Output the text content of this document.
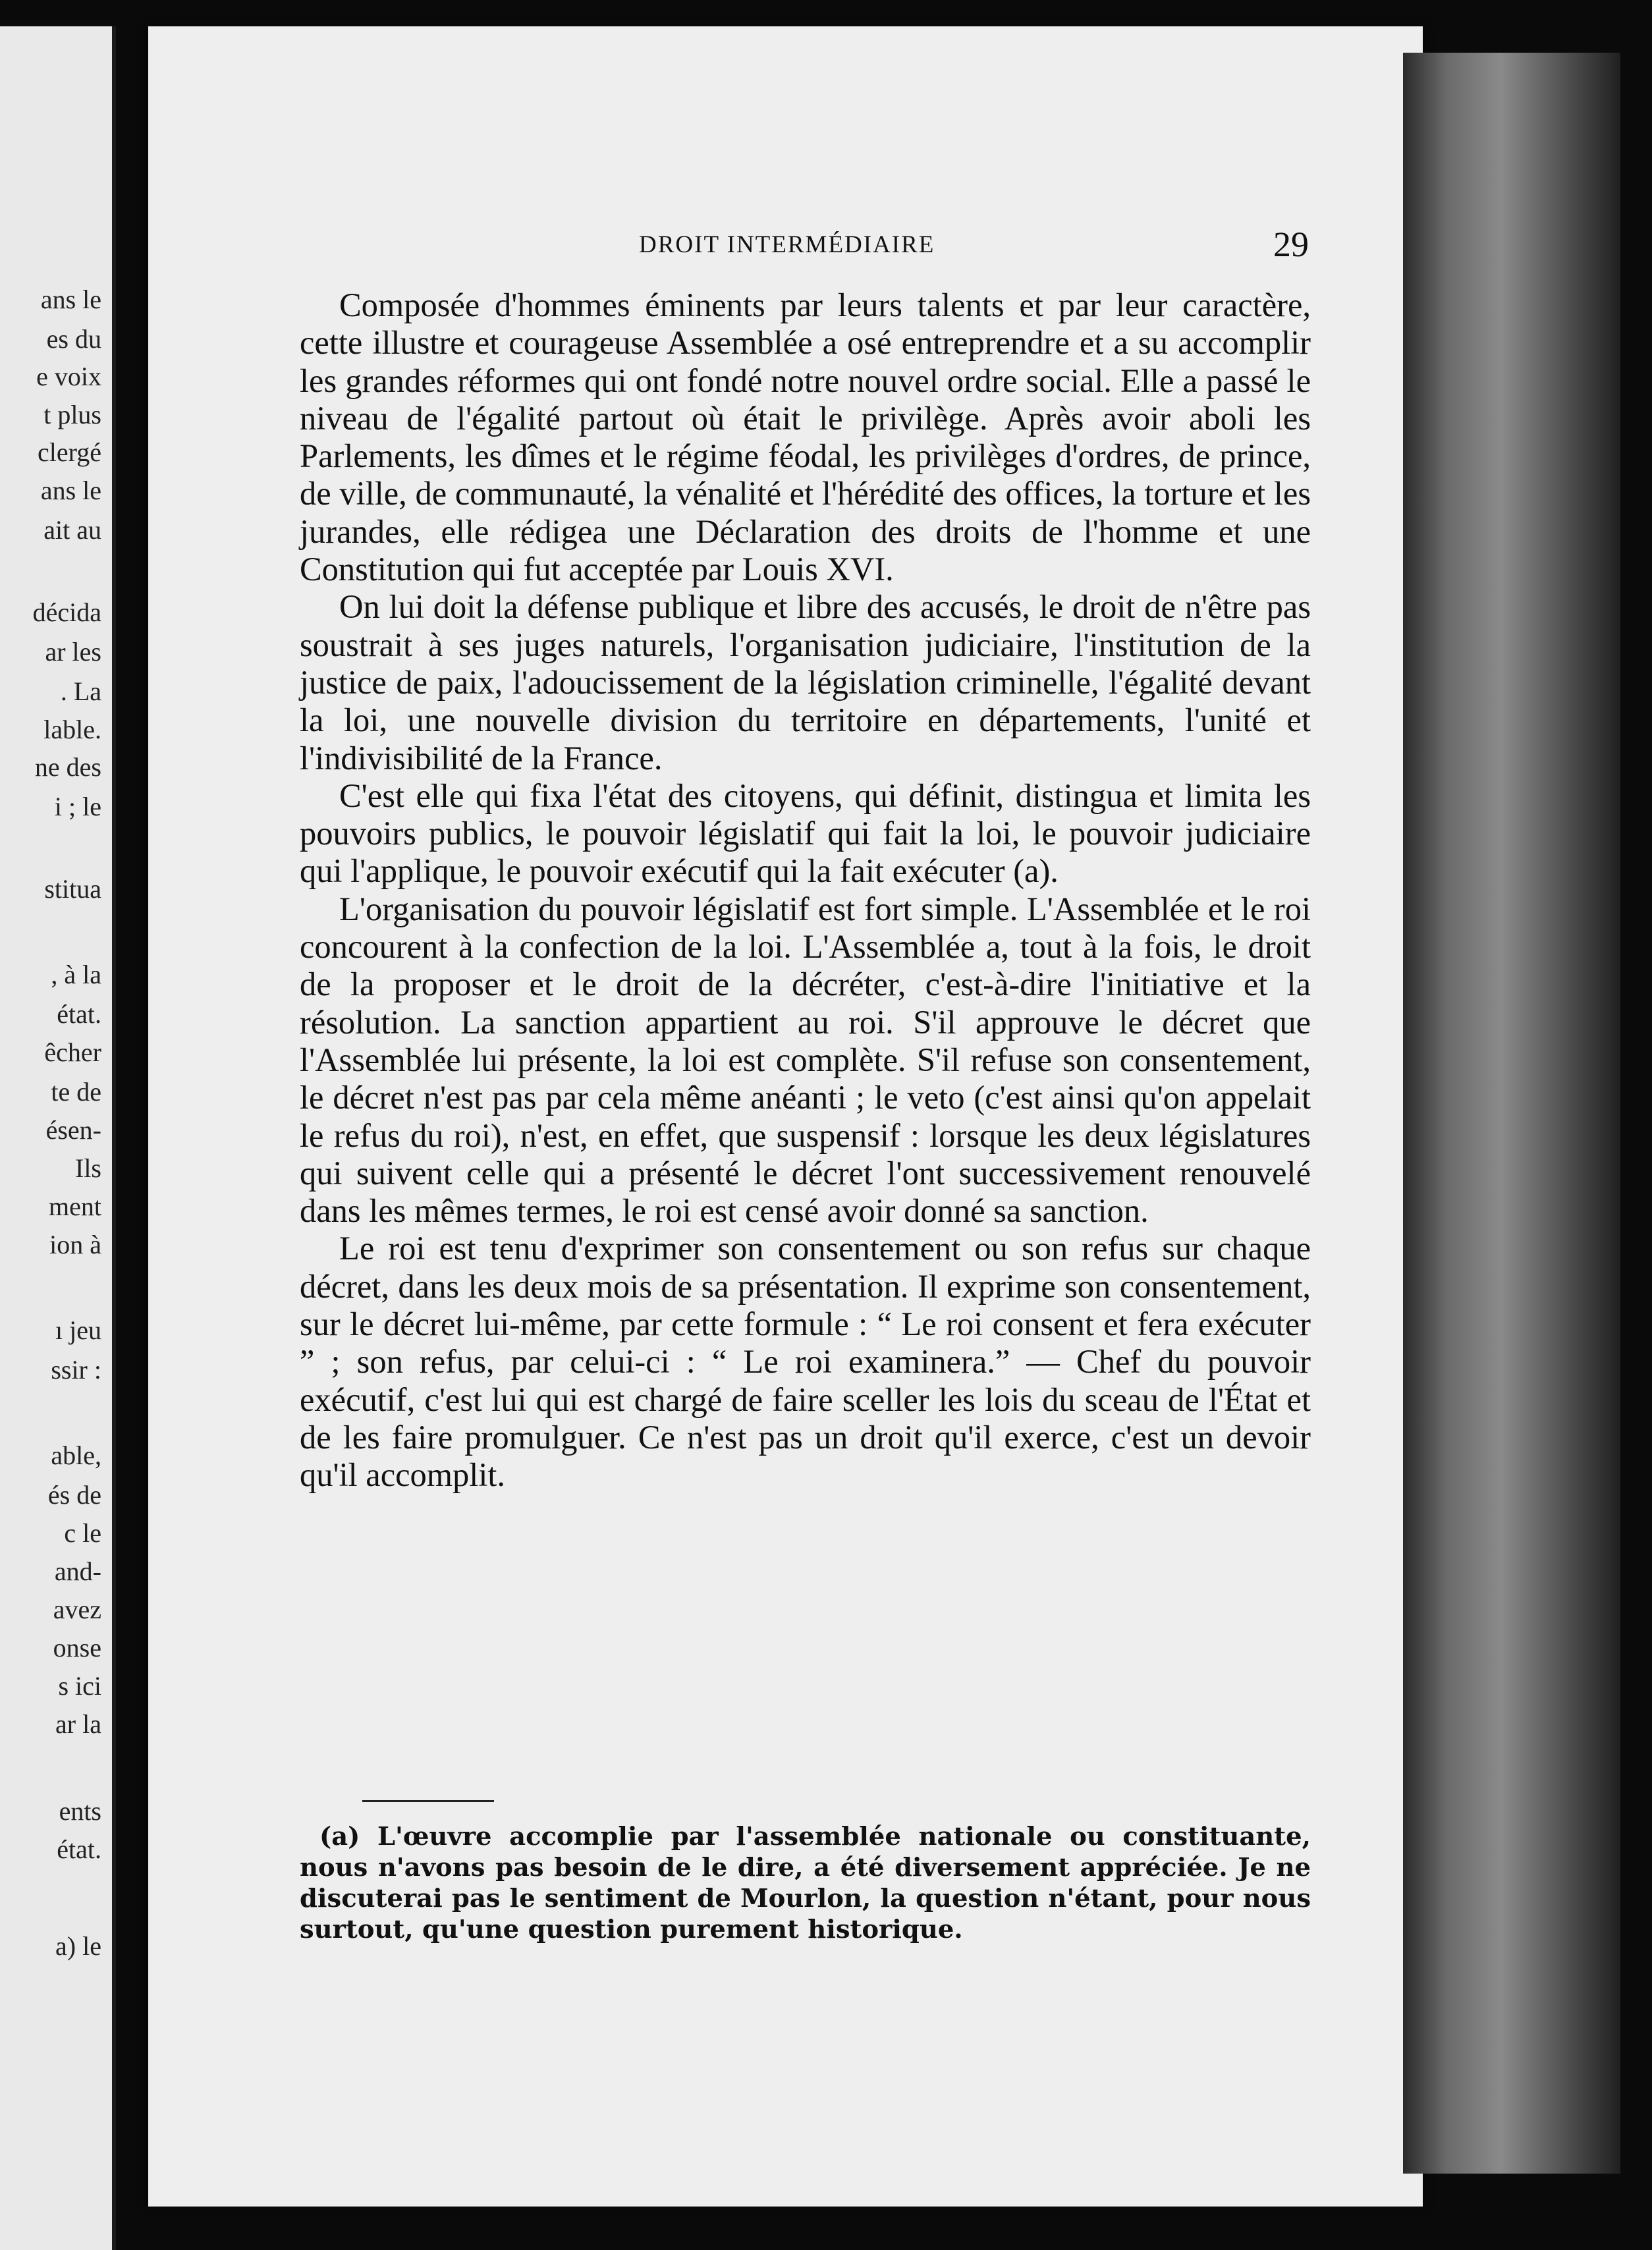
ans le
es du
e voix
t plus
clergé
ans le
ait au
décida
ar les
. La
lable.
ne des
i ; le
stitua
, à la
état.
êcher
te de
ésen-
Ils
ment
ion à
ı jeu
ssir :
able,
és de
c le
and-
avez
onse
s ici
ar la
ents
état.
a) le
DROIT INTERMÉDIAIRE	29

Composée d'hommes éminents par leurs talents et par leur caractère, cette illustre et courageuse Assemblée a osé entreprendre et a su accomplir les grandes réformes qui ont fondé notre nouvel ordre social. Elle a passé le niveau de l'égalité partout où était le privilège. Après avoir aboli les Parlements, les dîmes et le régime féodal, les privilèges d'ordres, de prince, de ville, de communauté, la vénalité et l'hérédité des offices, la torture et les jurandes, elle rédigea une Déclaration des droits de l'homme et une Constitution qui fut acceptée par Louis XVI.

On lui doit la défense publique et libre des accusés, le droit de n'être pas soustrait à ses juges naturels, l'organisation judiciaire, l'institution de la justice de paix, l'adoucissement de la législation criminelle, l'égalité devant la loi, une nouvelle division du territoire en départements, l'unité et l'indivisibilité de la France.

C'est elle qui fixa l'état des citoyens, qui définit, distingua et limita les pouvoirs publics, le pouvoir législatif qui fait la loi, le pouvoir judiciaire qui l'applique, le pouvoir exécutif qui la fait exécuter (a).

L'organisation du pouvoir législatif est fort simple. L'Assemblée et le roi concourent à la confection de la loi. L'Assemblée a, tout à la fois, le droit de la proposer et le droit de la décréter, c'est-à-dire l'initiative et la résolution. La sanction appartient au roi. S'il approuve le décret que l'Assemblée lui présente, la loi est complète. S'il refuse son consentement, le décret n'est pas par cela même anéanti ; le veto (c'est ainsi qu'on appelait le refus du roi), n'est, en effet, que suspensif : lorsque les deux législatures qui suivent celle qui a présenté le décret l'ont successivement renouvelé dans les mêmes termes, le roi est censé avoir donné sa sanction.

Le roi est tenu d'exprimer son consentement ou son refus sur chaque décret, dans les deux mois de sa présentation. Il exprime son consentement, sur le décret lui-même, par cette formule : “ Le roi consent et fera exécuter ” ; son refus, par celui-ci : “ Le roi examinera.” — Chef du pouvoir exécutif, c'est lui qui est chargé de faire sceller les lois du sceau de l'État et de les faire promulguer. Ce n'est pas un droit qu'il exerce, c'est un devoir qu'il accomplit.

(a) L'œuvre accomplie par l'assemblée nationale ou constituante, nous n'avons pas besoin de le dire, a été diversement appréciée. Je ne discuterai pas le sentiment de Mourlon, la question n'étant, pour nous surtout, qu'une question purement historique.
